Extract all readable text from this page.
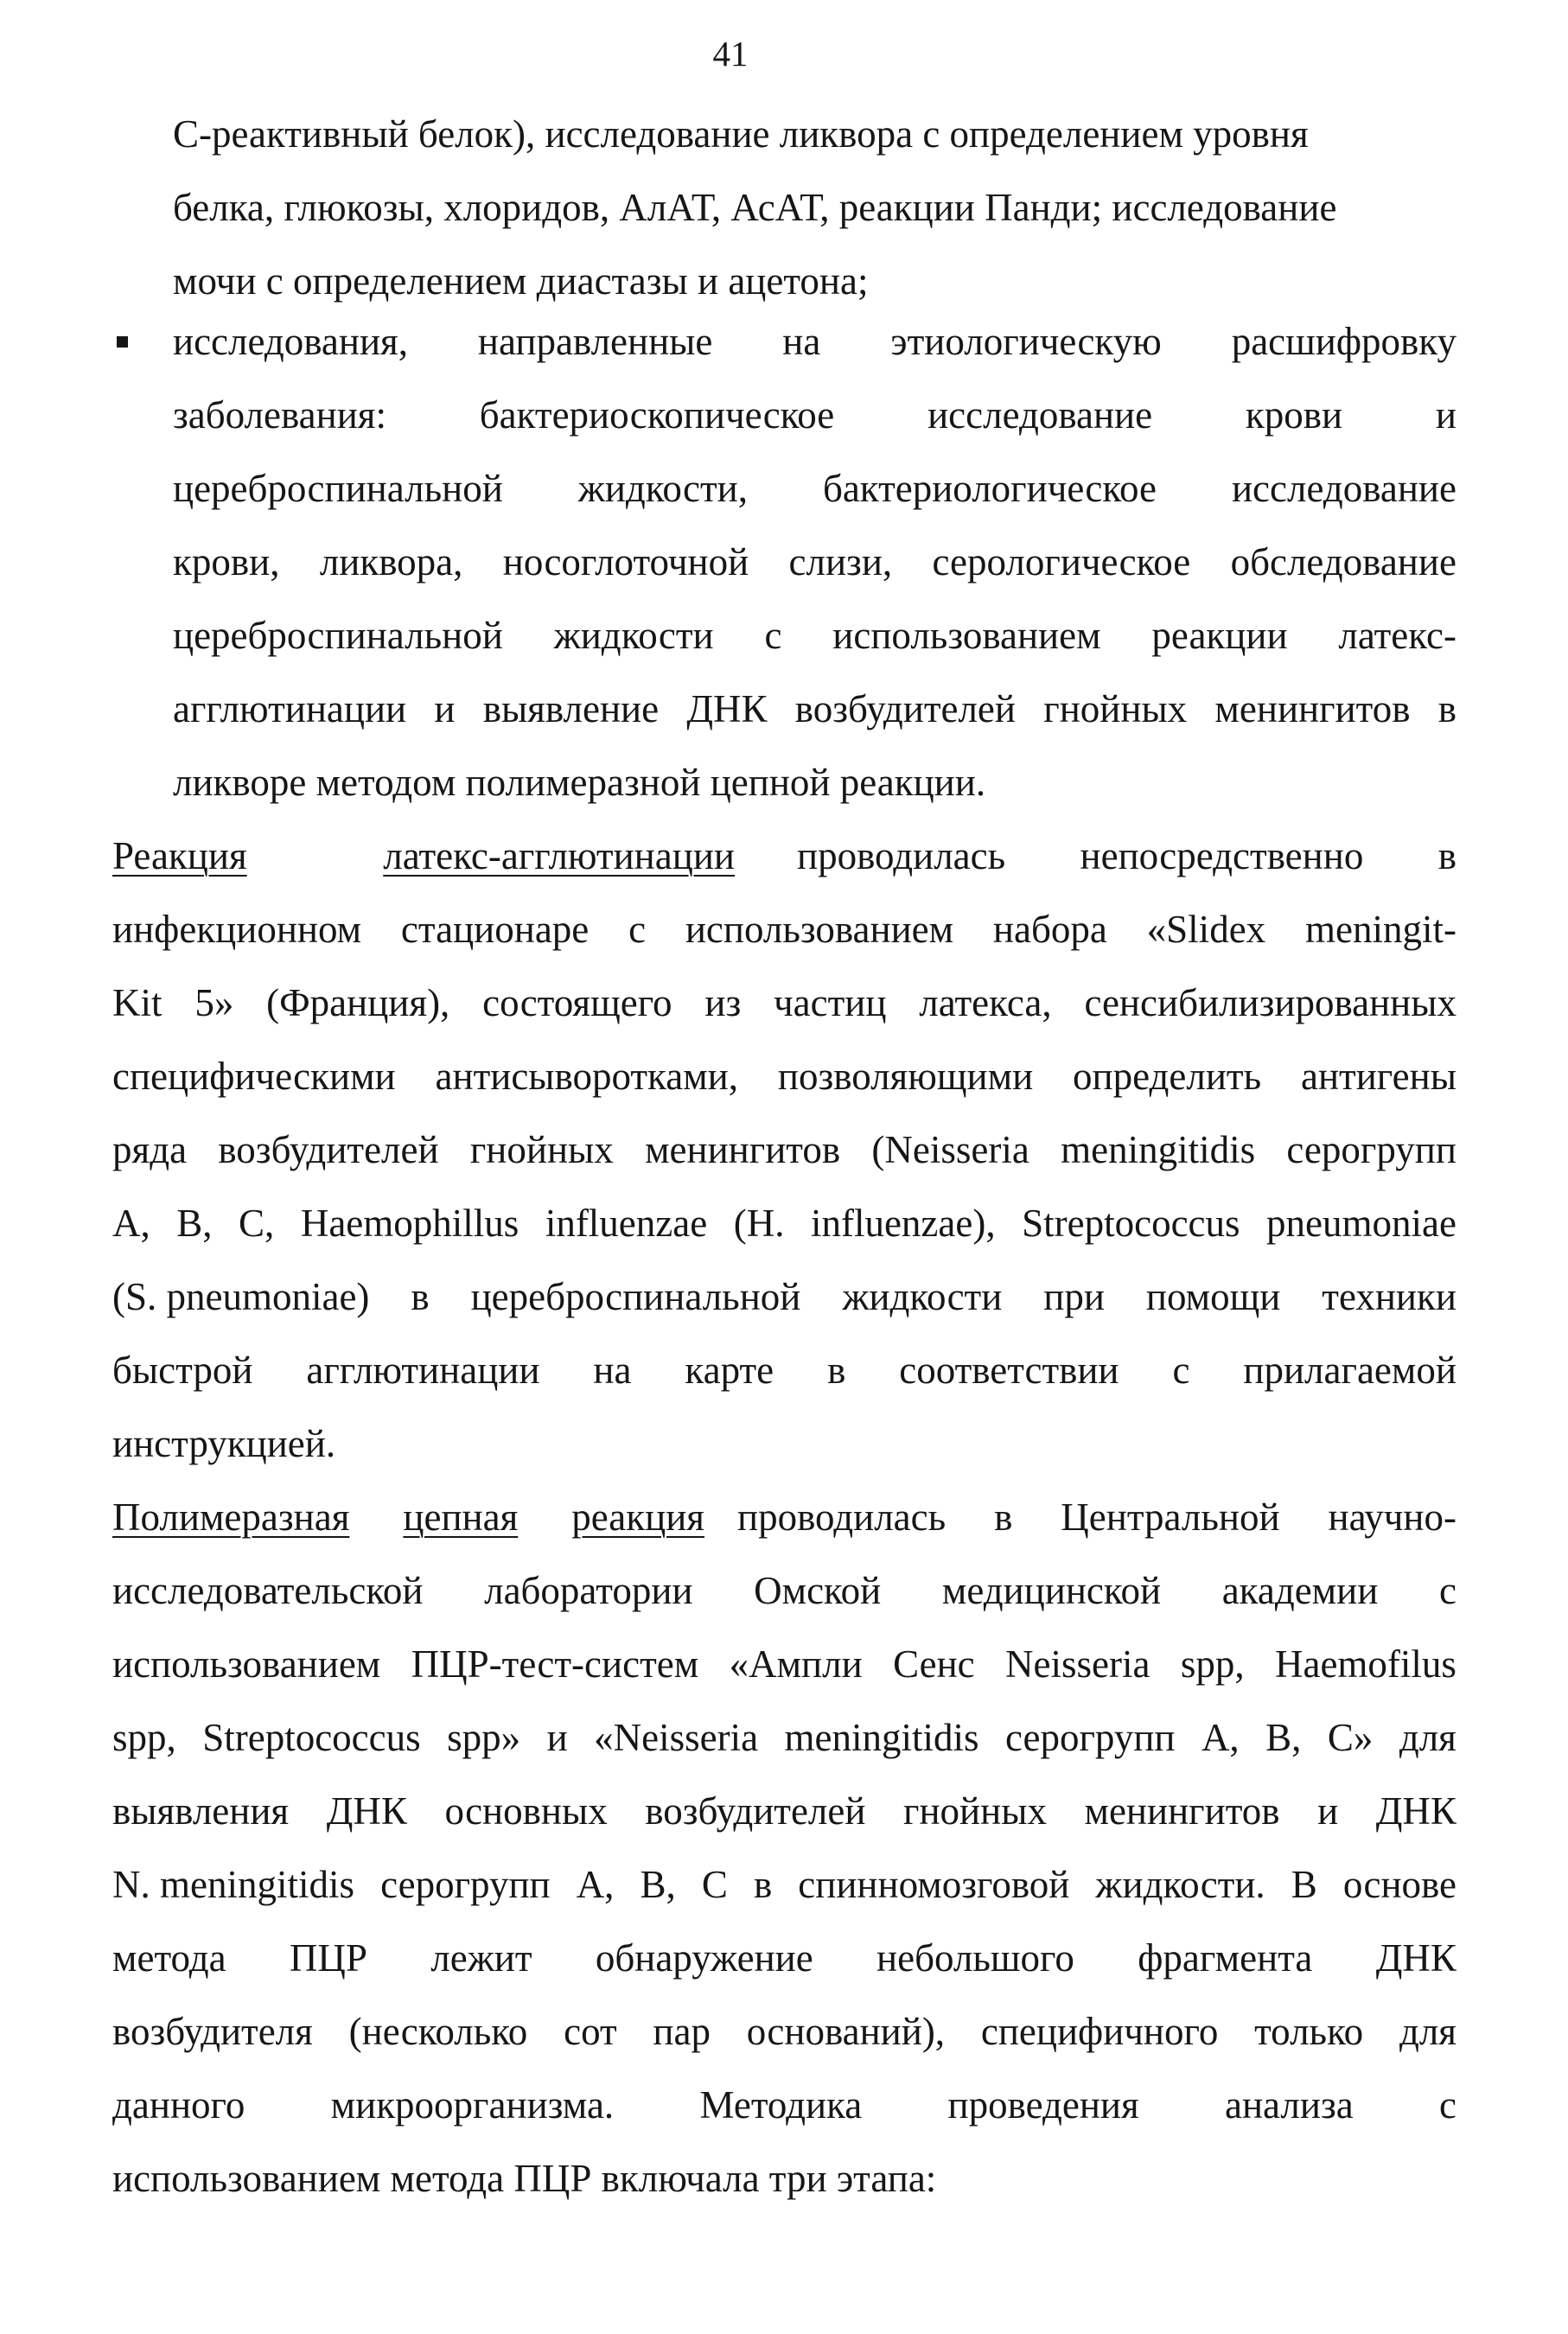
41
С-реактивный белок), исследование ликвора с определением уровня
белка, глюкозы, хлоридов, АлАТ, АсАТ, реакции Панди; исследование
мочи с определением диастазы и ацетона;
исследования, направленные на этиологическую расшифровку
заболевания: бактериоскопическое исследование крови и
цереброспинальной жидкости, бактериологическое исследование
крови, ликвора, носоглоточной слизи, серологическое обследование
цереброспинальной жидкости с использованием реакции латекс-
агглютинации и выявление ДНК возбудителей гнойных менингитов в
ликворе методом полимеразной цепной реакции.
Реакция	латекс-агглютинации проводилась непосредственно в
инфекционном стационаре с использованием набора «Slidex meningit-
Kit 5» (Франция), состоящего из частиц латекса, сенсибилизированных
специфическими антисыворотками, позволяющими определить антигены
ряда возбудителей гнойных менингитов (Neisseria meningitidis серогрупп
A, B, C, Haemophillus influenzae (H. influenzae), Streptococcus pneumoniae
(S. pneumoniae) в цереброспинальной жидкости при помощи техники
быстрой агглютинации на карте в соответствии с прилагаемой
инструкцией.
Полимеразная цепная реакция проводилась в Центральной научно-
исследовательской лаборатории Омской медицинской академии с
использованием ПЦР-тест-систем «Ампли Сенс Neisseria spp, Haemofilus
spp, Streptococcus spp» и «Neisseria meningitidis серогрупп A, B, C» для
выявления ДНК основных возбудителей гнойных менингитов и ДНК
N. meningitidis серогрупп A, B, C в спинномозговой жидкости. В основе
метода ПЦР лежит обнаружение небольшого фрагмента ДНК
возбудителя (несколько сот пар оснований), специфичного только для
данного микроорганизма. Методика проведения анализа с
использованием метода ПЦР включала три этапа:
